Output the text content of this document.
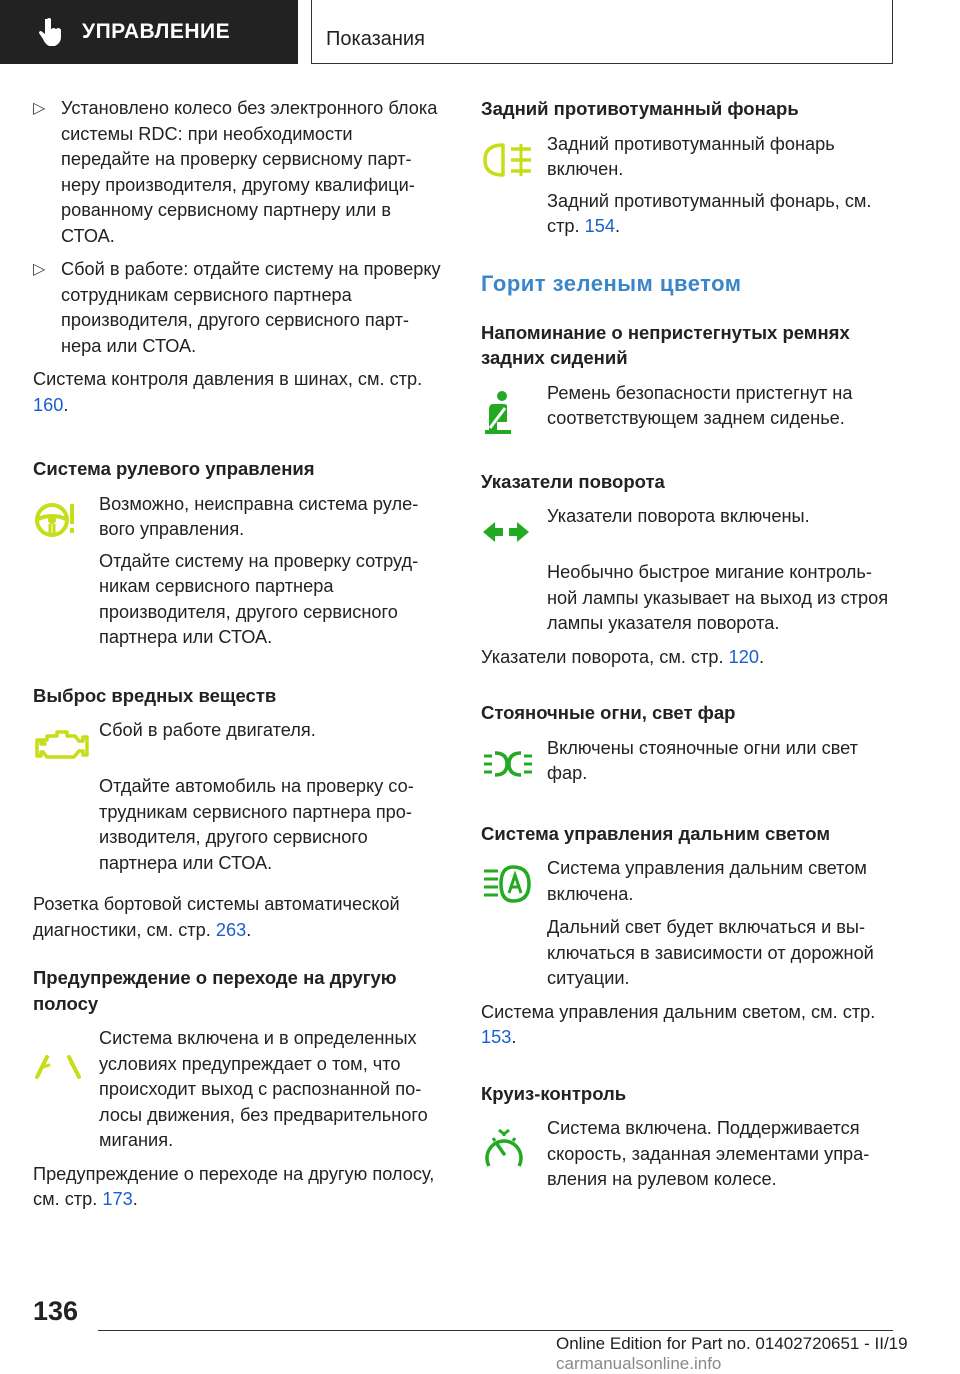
УПРАВЛЕНИЕ	Показания
▷ Установлено колесо без электронного блока системы RDC: при необходимости передайте на проверку сервисному партнеру производителя, другому квалифицированному сервисному партнеру или в СТОА.
▷ Сбой в работе: отдайте систему на проверку сотрудникам сервисного партнера производителя, другого сервисного партнера или СТОА.

Система контроля давления в шинах, см. стр. 160.

Система рулевого управления

Возможно, неисправна система рулевого управления.

Отдайте систему на проверку сотрудникам сервисного партнера производителя, другого сервисного партнера или СТОА.

Выброс вредных веществ

Сбой в работе двигателя.

Отдайте автомобиль на проверку сотрудникам сервисного партнера производителя, другого сервисного партнера или СТОА.

Розетка бортовой системы автоматической диагностики, см. стр. 263.

Предупреждение о переходе на другую полосу

Система включена и в определенных условиях предупреждает о том, что происходит выход с распознанной полосы движения, без предварительного мигания.

Предупреждение о переходе на другую полосу, см. стр. 173.

Задний противотуманный фонарь

Задний противотуманный фонарь включен.

Задний противотуманный фонарь, см. стр. 154.

Горит зеленым цветом
Напоминание о непристегнутых ремнях задних сидений

Ремень безопасности пристегнут на соответствующем заднем сиденье.

Указатели поворота

Указатели поворота включены.

Необычно быстрое мигание контрольной лампы указывает на выход из строя лампы указателя поворота.

Указатели поворота, см. стр. 120.

Стояночные огни, свет фар

Включены стояночные огни или свет фар.

Система управления дальним светом

Система управления дальним светом включена.

Дальний свет будет включаться и выключаться в зависимости от дорожной ситуации.

Система управления дальним светом, см. стр. 153.

Круиз-контроль

Система включена. Поддерживается скорость, заданная элементами управления на рулевом колесе.

136
Online Edition for Part no. 01402720651 - II/19 carmanualsonline.info
